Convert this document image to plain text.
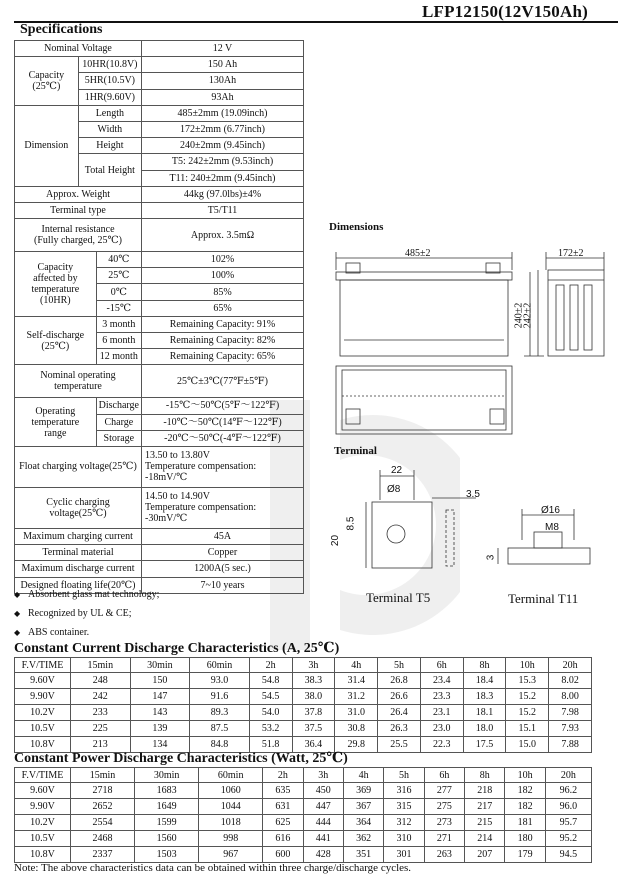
LFP12150(12V150Ah)
Specifications
Nominal Voltage			12 V
Capacity
(25℃)	10HR(10.8V)		150 Ah
	5HR(10.5V)		130Ah
	1HR(9.60V)		93Ah
Dimension	Length		485±2mm (19.09inch)
	Width		172±2mm (6.77inch)
	Height		240±2mm (9.45inch)
	Total Height		T5: 242±2mm (9.53inch)
			T11: 240±2mm (9.45inch)
Approx. Weight			44kg (97.0lbs)±4%
Terminal type			T5/T11
Internal resistance
(Fully charged, 25℃)			Approx. 3.5mΩ
Capacity
affected by
temperature
(10HR)		40℃	102%
		25℃	100%
		0℃	85%
		-15℃	65%
Self-discharge
(25℃)		3 month	Remaining Capacity: 91%
		6 month	Remaining Capacity: 82%
		12 month	Remaining Capacity: 65%
Nominal operating
temperature			25℃±3℃(77℉±5℉)
Operating
temperature
range		Discharge	-15℃～50℃(5℉～122℉)
		Charge	-10℃～50℃(14℉～122℉)
		Storage	-20℃～50℃(-4℉～122℉)
Float charging voltage(25℃)			13.50 to 13.80V
Temperature compensation:
-18mV/℃

Cyclic charging voltage(25℃)			14.50 to 14.90V
Temperature compensation:
-30mV/℃

Maximum charging current			45A
Terminal material			Copper
Maximum discharge current			1200A(5 sec.)
Designed floating life(20℃)			7~10 years
◆ Absorbent glass mat technology;
◆ Recognized by UL & CE;
◆ ABS container.
Dimensions
Terminal
485±2	172±2
240±2
242±2
22
Ø8	3.5
8.5
20
Ø16
M8
3
Terminal T5	Terminal T11
Constant Current Discharge Characteristics (A, 25℃)
F.V/TIME	15min	30min	60min	2h	3h	4h	5h	6h	8h	10h	20h
9.60V	248	150	93.0	54.8	38.3	31.4	26.8	23.4	18.4	15.3	8.02
9.90V	242	147	91.6	54.5	38.0	31.2	26.6	23.3	18.3	15.2	8.00
10.2V	233	143	89.3	54.0	37.8	31.0	26.4	23.1	18.1	15.2	7.98
10.5V	225	139	87.5	53.2	37.5	30.8	26.3	23.0	18.0	15.1	7.93
10.8V	213	134	84.8	51.8	36.4	29.8	25.5	22.3	17.5	15.0	7.88
Constant Power Discharge Characteristics (Watt, 25℃)
F.V/TIME	15min	30min	60min	2h	3h	4h	5h	6h	8h	10h	20h
9.60V	2718	1683	1060	635	450	369	316	277	218	182	96.2
9.90V	2652	1649	1044	631	447	367	315	275	217	182	96.0
10.2V	2554	1599	1018	625	444	364	312	273	215	181	95.7
10.5V	2468	1560	998	616	441	362	310	271	214	180	95.2
10.8V	2337	1503	967	600	428	351	301	263	207	179	94.5
Note: The above characteristics data can be obtained within three charge/discharge cycles.
